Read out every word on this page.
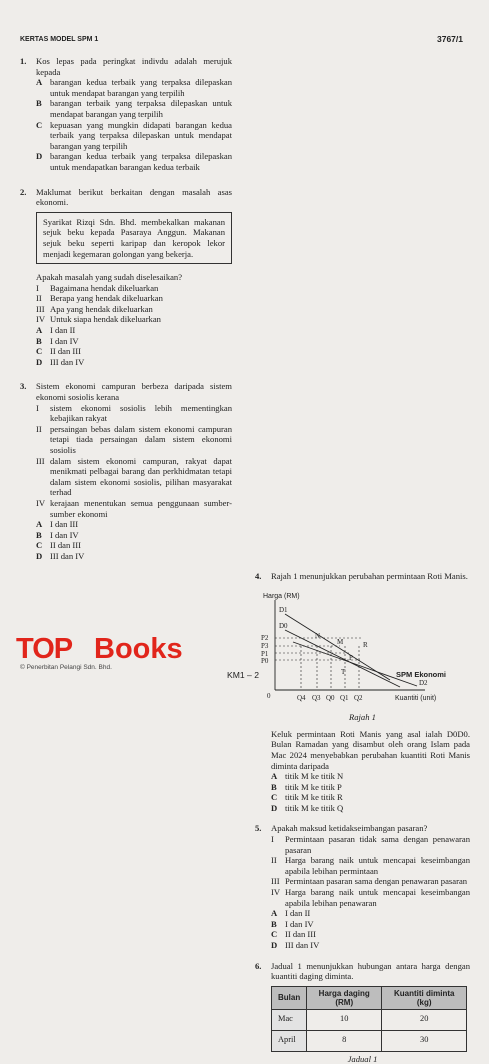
KERTAS MODEL SPM 1	3767/1
1. Kos lepas pada peringkat indivdu adalah merujuk kepada
A barangan kedua terbaik yang terpaksa dilepaskan untuk mendapat barangan yang terpilih
B barangan terbaik yang terpaksa dilepaskan untuk mendapat barangan yang terpilih
C kepuasan yang mungkin didapati barangan kedua terbaik yang terpaksa dilepaskan untuk mendapat barangan yang terpilih
D barangan kedua terbaik yang terpaksa dilepaskan untuk mendapatkan barangan kedua terbaik
2. Maklumat berikut berkaitan dengan masalah asas ekonomi.
Syarikat Rizqi Sdn. Bhd. membekalkan makanan sejuk beku kepada Pasaraya Anggun. Makanan sejuk beku seperti karipap dan keropok lekor menjadi kegemaran golongan yang bekerja.
Apakah masalah yang sudah diselesaikan?
I Bagaimana hendak dikeluarkan
II Berapa yang hendak dikeluarkan
III Apa yang hendak dikeluarkan
IV Untuk siapa hendak dikeluarkan
A I dan II
B I dan IV
C II dan III
D III dan IV
3. Sistem ekonomi campuran berbeza daripada sistem ekonomi sosiolis kerana
I sistem ekonomi sosiolis lebih mementingkan kebajikan rakyat
II persaingan bebas dalam sistem ekonomi campuran tetapi tiada persaingan dalam sistem ekonomi sosiolis
III dalam sistem ekonomi campuran, rakyat dapat menikmati pelbagai barang dan perkhidmatan tetapi dalam sistem ekonomi sosiolis, pilihan masyarakat terhad
IV kerajaan menentukan semua penggunaan sumber-sumber ekonomi
A I dan III
B I dan IV
C II dan III
D III dan IV
4. Rajah 1 menunjukkan perubahan permintaan Roti Manis.
Harga (RM)
Kuantiti (unit)
0
D1
D0
D2
N
M	R
P
T
P2
P3
P1
P0
Q4 Q3 Q0 Q1 Q2
Rajah 1
Keluk permintaan Roti Manis yang asal ialah D0D0. Bulan Ramadan yang disambut oleh orang Islam pada Mac 2024 menyebabkan perubahan kuantiti Roti Manis diminta daripada
A titik M ke titik N
B titik M ke titik P
C titik M ke titik R
D titik M ke titik Q
5. Apakah maksud ketidakseimbangan pasaran?
I Permintaan pasaran tidak sama dengan penawaran pasaran
II Harga barang naik untuk mencapai keseimbangan apabila lebihan permintaan
III Permintaan pasaran sama dengan penawaran pasaran
IV Harga barang naik untuk mencapai keseimbangan apabila lebihan penawaran
A I dan II
B I dan IV
C II dan III
D III dan IV
6. Jadual 1 menunjukkan hubungan antara harga dengan kuantiti daging diminta.
Bulan	Harga daging (RM)	Kuantiti diminta (kg)
Mac	10	20
April	8	30
Jadual 1
TOP Books
© Penerbitan Pelangi Sdn. Bhd.
KM1 – 2	SPM Ekonomi
